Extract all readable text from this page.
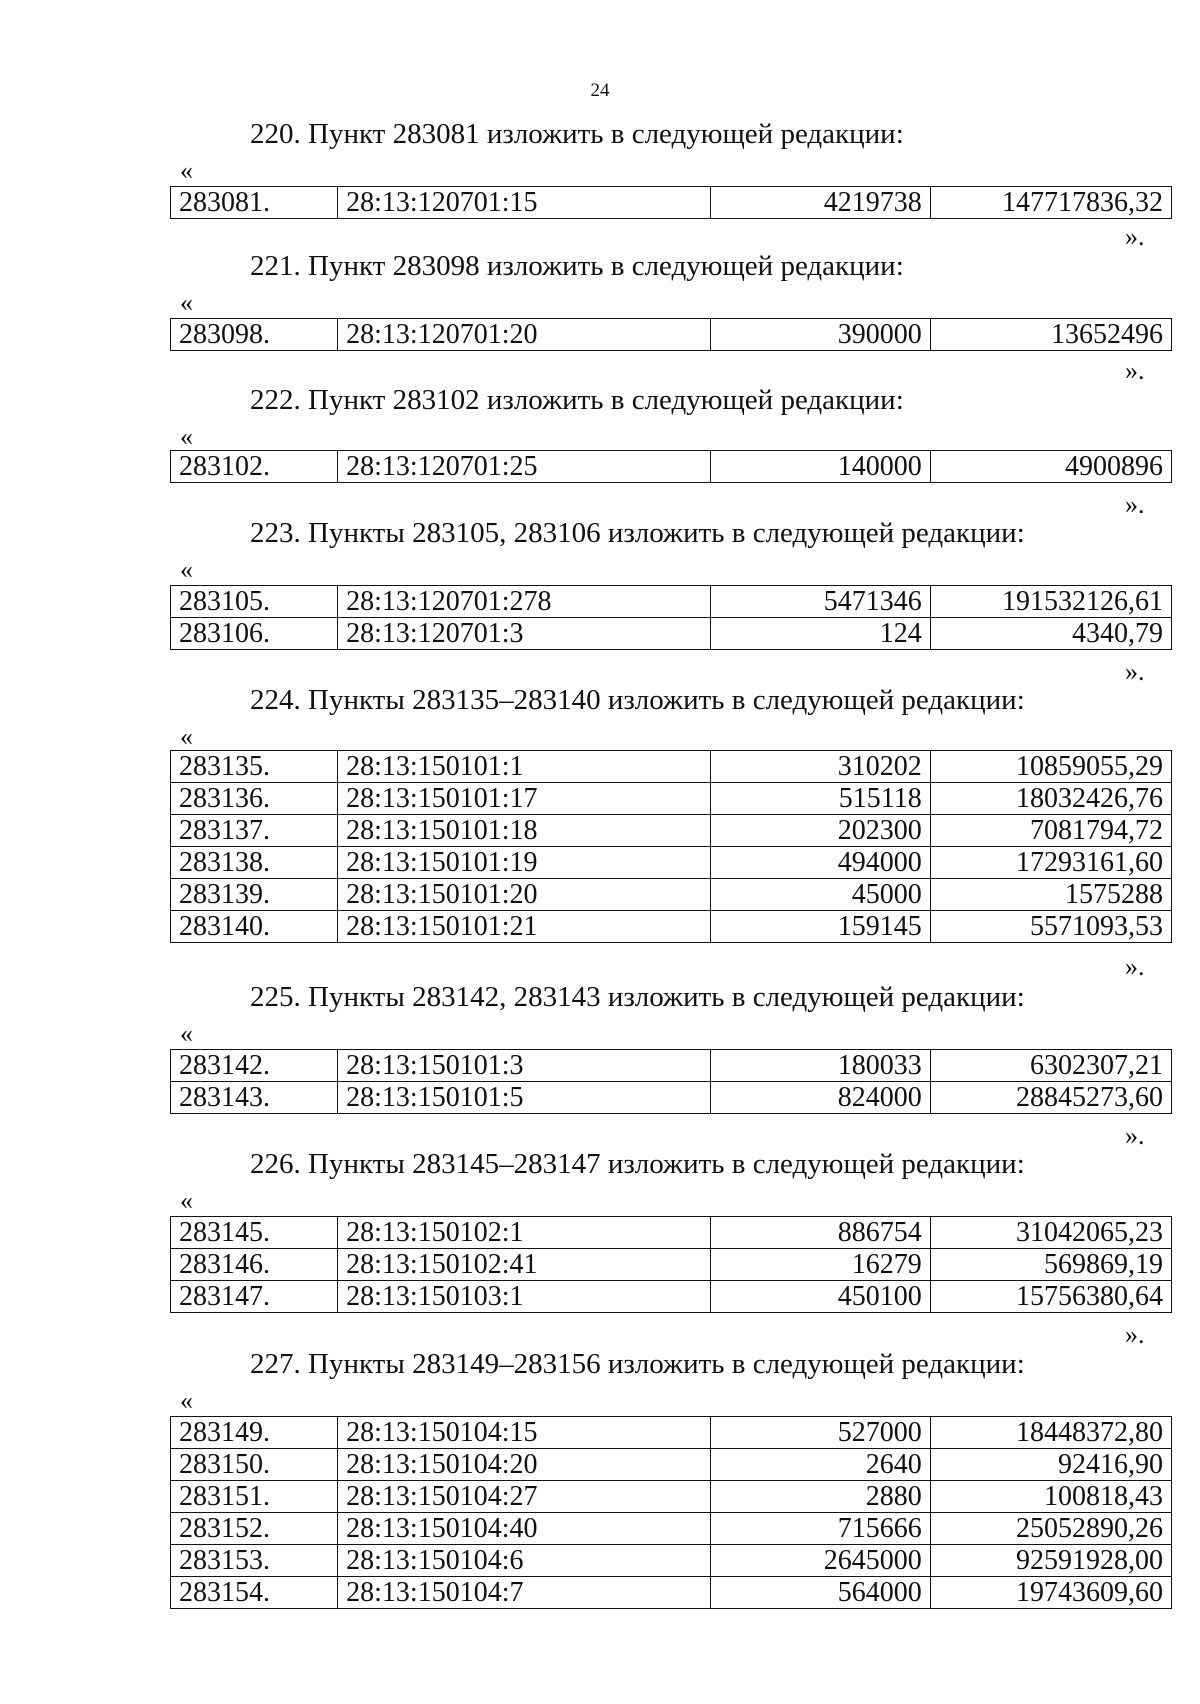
24
220. Пункт 283081 изложить в следующей редакции:
«
283081.	28:13:120701:15	4219738	147717836,32
».
221. Пункт 283098 изложить в следующей редакции:
«
283098.	28:13:120701:20	390000	13652496
».
222. Пункт 283102 изложить в следующей редакции:
«
283102.	28:13:120701:25	140000	4900896
».
223. Пункты 283105, 283106 изложить в следующей редакции:
«
283105.	28:13:120701:278	5471346	191532126,61
283106.	28:13:120701:3	124	4340,79
».
224. Пункты 283135–283140 изложить в следующей редакции:
«
283135.	28:13:150101:1	310202	10859055,29
283136.	28:13:150101:17	515118	18032426,76
283137.	28:13:150101:18	202300	7081794,72
283138.	28:13:150101:19	494000	17293161,60
283139.	28:13:150101:20	45000	1575288
283140.	28:13:150101:21	159145	5571093,53
».
225. Пункты 283142, 283143 изложить в следующей редакции:
«
283142.	28:13:150101:3	180033	6302307,21
283143.	28:13:150101:5	824000	28845273,60
».
226. Пункты 283145–283147 изложить в следующей редакции:
«
283145.	28:13:150102:1	886754	31042065,23
283146.	28:13:150102:41	16279	569869,19
283147.	28:13:150103:1	450100	15756380,64
».
227. Пункты 283149–283156 изложить в следующей редакции:
«
283149.	28:13:150104:15	527000	18448372,80
283150.	28:13:150104:20	2640	92416,90
283151.	28:13:150104:27	2880	100818,43
283152.	28:13:150104:40	715666	25052890,26
283153.	28:13:150104:6	2645000	92591928,00
283154.	28:13:150104:7	564000	19743609,60
